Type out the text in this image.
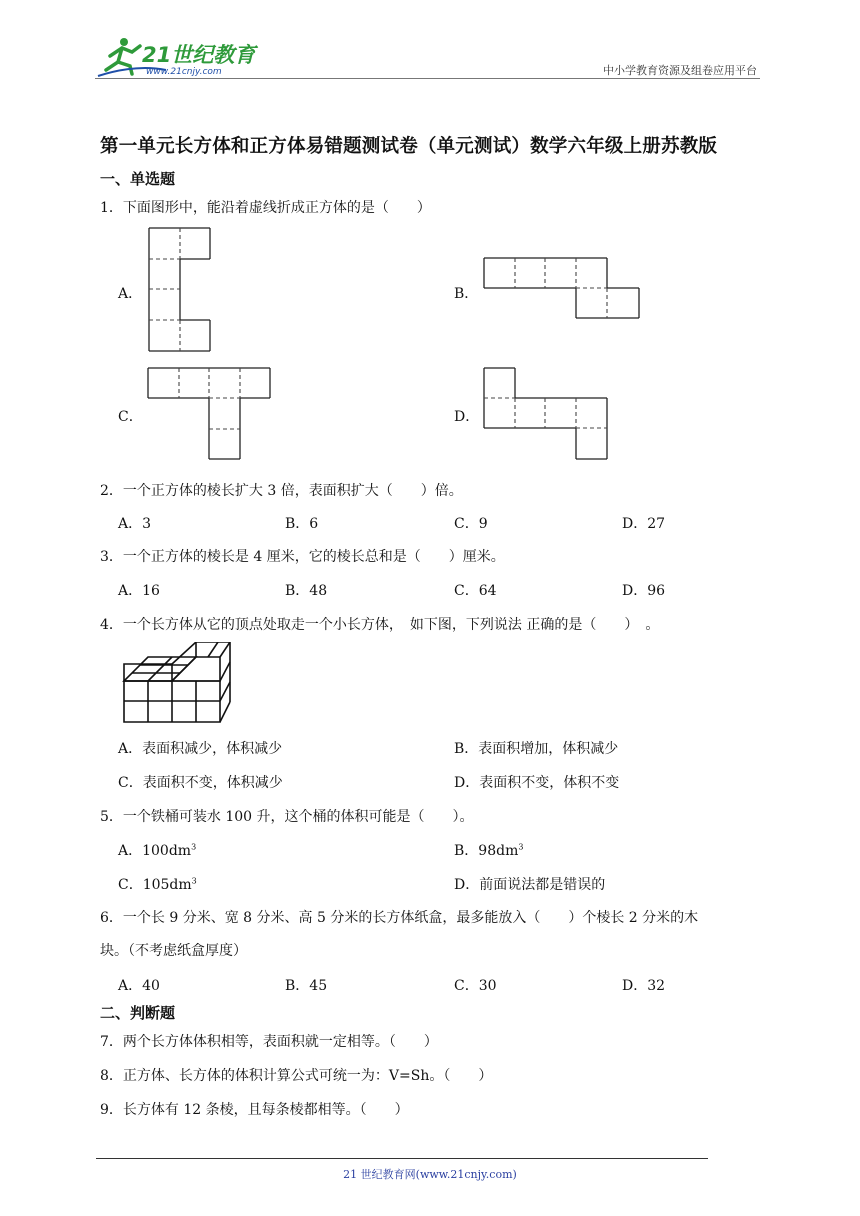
21世纪教育
www.21cnjy.com	中小学教育资源及组卷应用平台
第一单元长方体和正方体易错题测试卷（单元测试）数学六年级上册苏教版
一、单选题
1．下面图形中，能沿着虚线折成正方体的是（　　）
A．	B．
C．	D．
2．一个正方体的棱长扩大 3 倍，表面积扩大（　　）倍。
A．3	B．6	C．9	D．27
3．一个正方体的棱长是 4 厘米，它的棱长总和是（　　）厘米。
A．16	B．48	C．64	D．96
4．一个长方体从它的顶点处取走一个小长方体，　如下图，下列说法 正确的是（　　）　。
A．表面积减少，体积减少	B．表面积增加，体积减少
C．表面积不变，体积减少	D．表面积不变，体积不变
5．一个铁桶可装水 100 升，这个桶的体积可能是（　　）。
A．$100dm^3$	B．$98dm^3$
C．$105dm^3$	D．前面说法都是错误的
6．一个长 9 分米、宽 8 分米、高 5 分米的长方体纸盒，最多能放入（　　）个棱长 2 分米的木
块。（不考虑纸盒厚度）
A．40	B．45	C．30	D．32
二、判断题
7．两个长方体体积相等，表面积就一定相等。（　　）
8．正方体、长方体的体积计算公式可统一为：V=Sh。（　　）
9．长方体有 12 条棱，且每条棱都相等。（　　）
21 世纪教育网(www.21cnjy.com)
